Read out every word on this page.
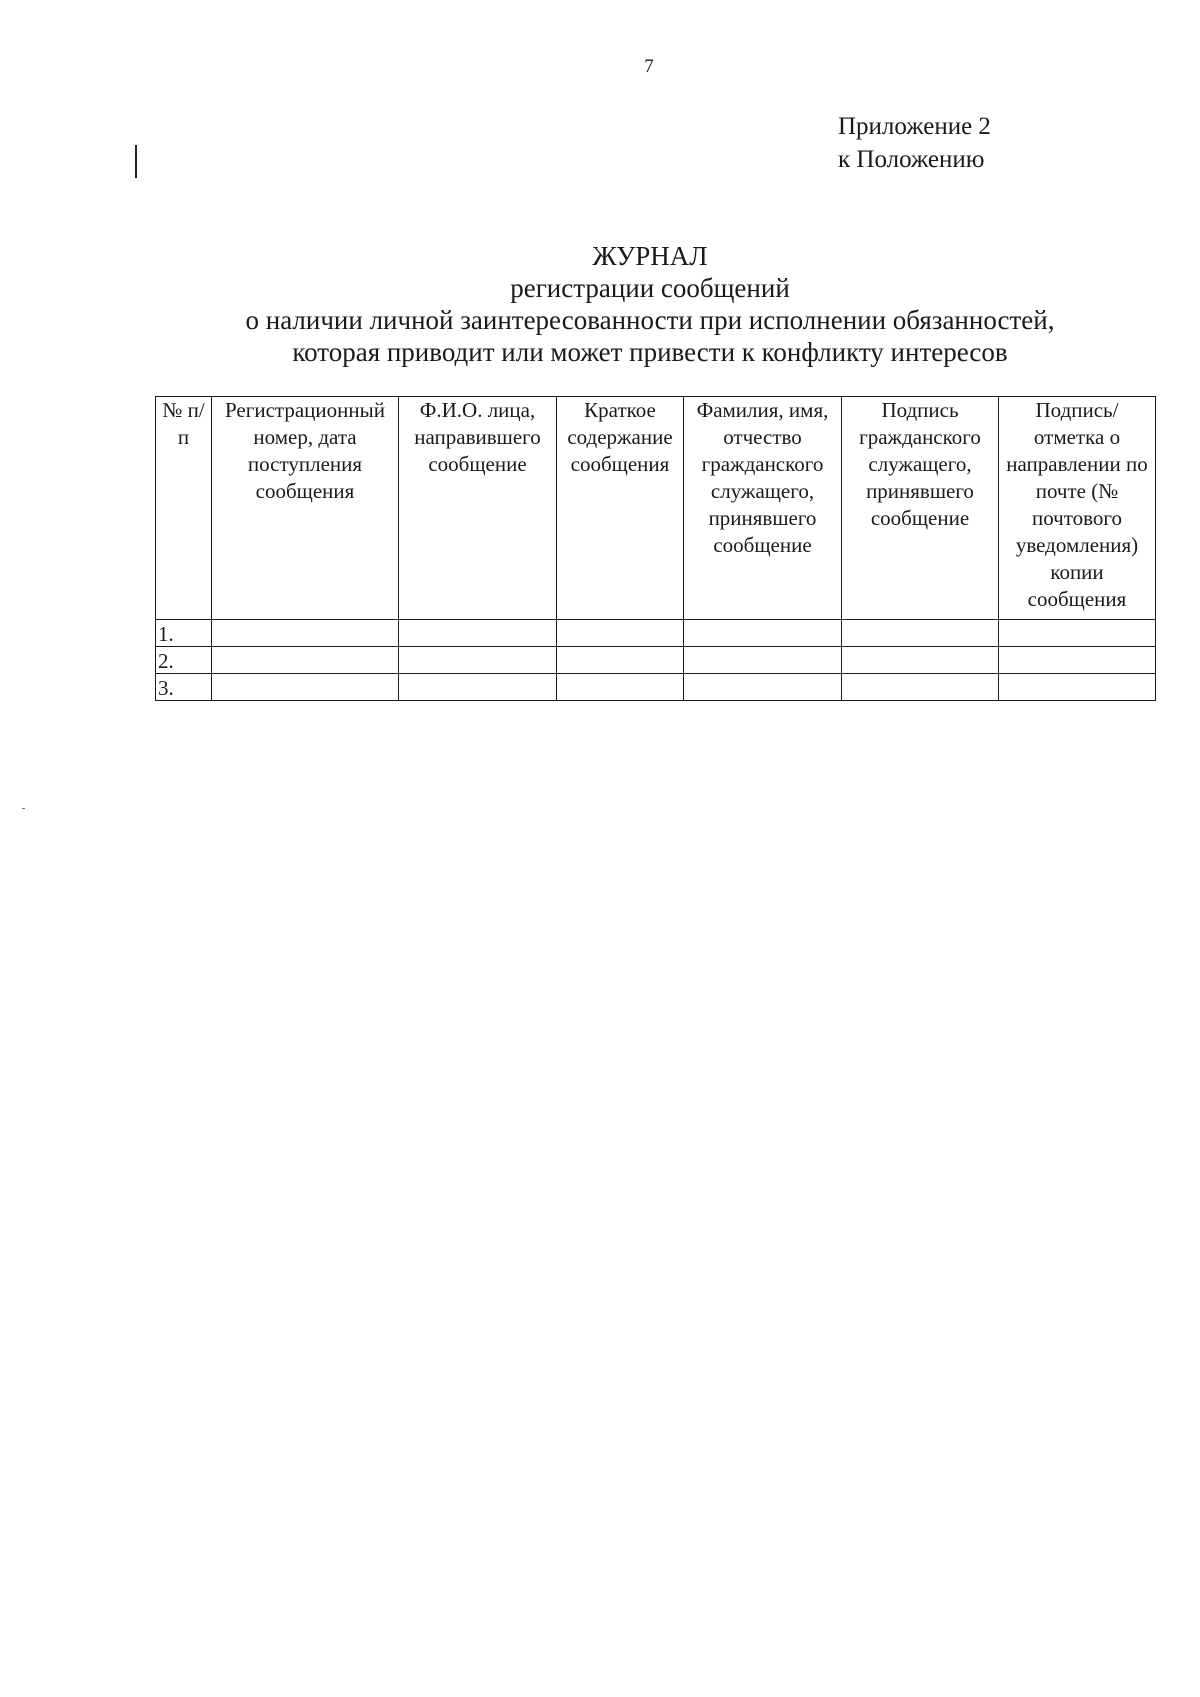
7
Приложение 2
к Положению
ЖУРНАЛ
регистрации сообщений
о наличии личной заинтересованности при исполнении обязанностей,
которая приводит или может привести к конфликту интересов
№ п/п	Регистрационный номер, дата поступления сообщения	Ф.И.О. лица, направившего сообщение	Краткое содержание сообщения	Фамилия, имя, отчество гражданского служащего, принявшего сообщение	Подпись гражданского служащего, принявшего сообщение	Подпись/ отметка о направлении по почте (№ почтового уведомления) копии сообщения
1.						
2.						
3.						
